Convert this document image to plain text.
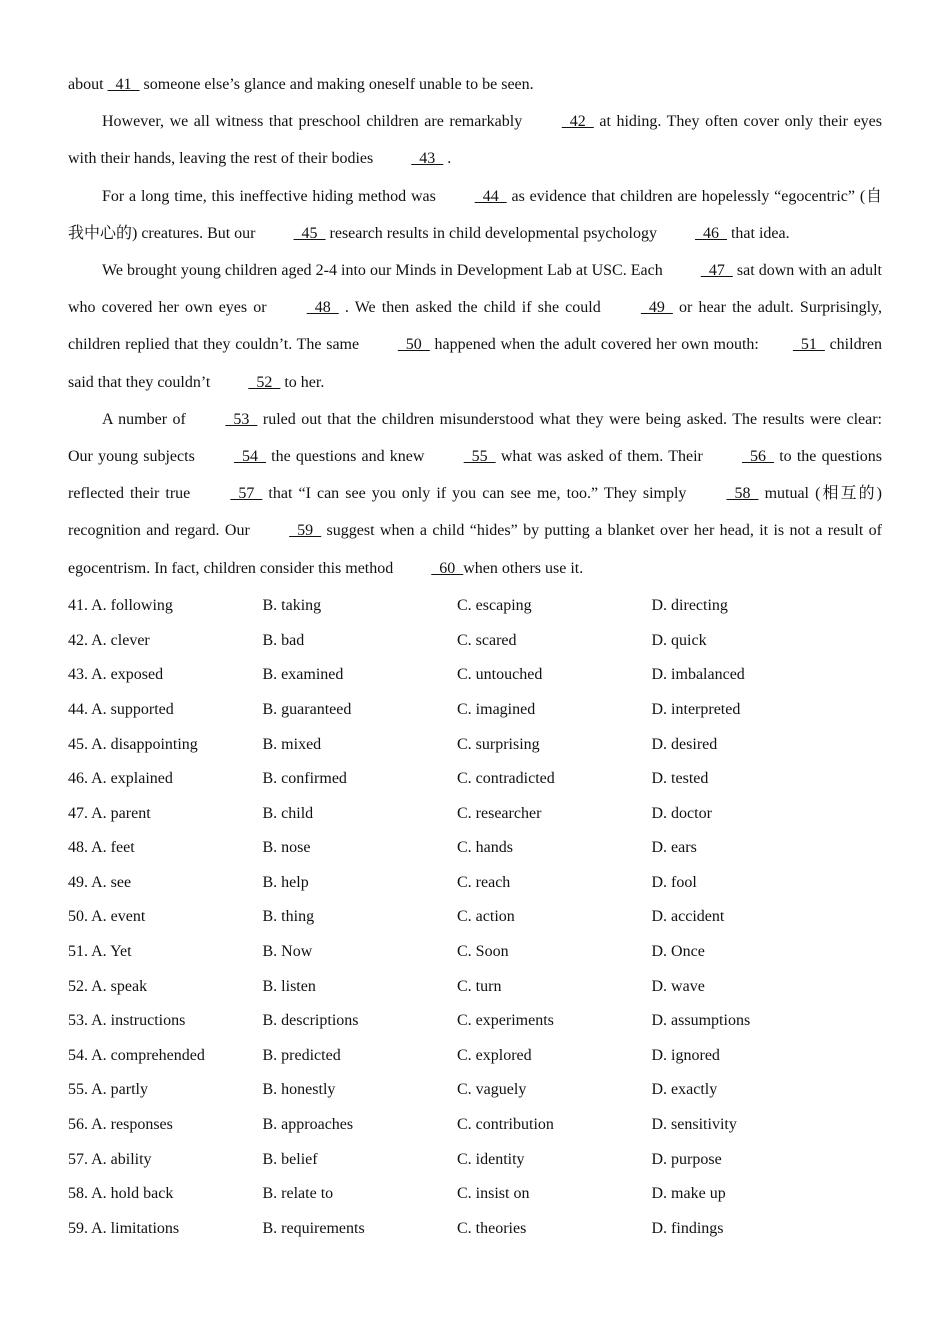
about   41   someone else’s glance and making oneself unable to be seen.

However, we all witness that preschool children are remarkably   42   at hiding. They often cover only their eyes with their hands, leaving the rest of their bodies   43   .

For a long time, this ineffective hiding method was   44   as evidence that children are hopelessly “egocentric” (自我中心的) creatures. But our   45   research results in child developmental psychology   46   that idea.

We brought young children aged 2-4 into our Minds in Development Lab at USC. Each   47   sat down with an adult who covered her own eyes or   48   . We then asked the child if she could   49   or hear the adult. Surprisingly, children replied that they couldn’t. The same   50   happened when the adult covered her own mouth:  51   children said that they couldn’t   52   to her.

A number of   53   ruled out that the children misunderstood what they were being asked. The results were clear: Our young subjects   54   the questions and knew   55   what was asked of them. Their   56   to the questions reflected their true   57   that “I can see you only if you can see me, too.” They simply   58   mutual (相互的) recognition and regard. Our   59   suggest when a child “hides” by putting a blanket over her head, it is not a result of egocentrism. In fact, children consider this method   60  when others use it.

41. A. following	B. taking	C. escaping	D. directing
42. A. clever	B. bad	C. scared	D. quick
43. A. exposed	B. examined	C. untouched	D. imbalanced
44. A. supported	B. guaranteed	C. imagined	D. interpreted
45. A. disappointing	B. mixed	C. surprising	D. desired
46. A. explained	B. confirmed	C. contradicted	D. tested
47. A. parent	B. child	C. researcher	D. doctor
48. A. feet	B. nose	C. hands	D. ears
49. A. see	B. help	C. reach	D. fool
50. A. event	B. thing	C. action	D. accident
51. A. Yet	B. Now	C. Soon	D. Once
52. A. speak	B. listen	C. turn	D. wave
53. A. instructions	B. descriptions	C. experiments	D. assumptions
54. A. comprehended	B. predicted	C. explored	D. ignored
55. A. partly	B. honestly	C. vaguely	D. exactly
56. A. responses	B. approaches	C. contribution	D. sensitivity
57. A. ability	B. belief	C. identity	D. purpose
58. A. hold back	B. relate to	C. insist on	D. make up
59. A. limitations	B. requirements	C. theories	D. findings
